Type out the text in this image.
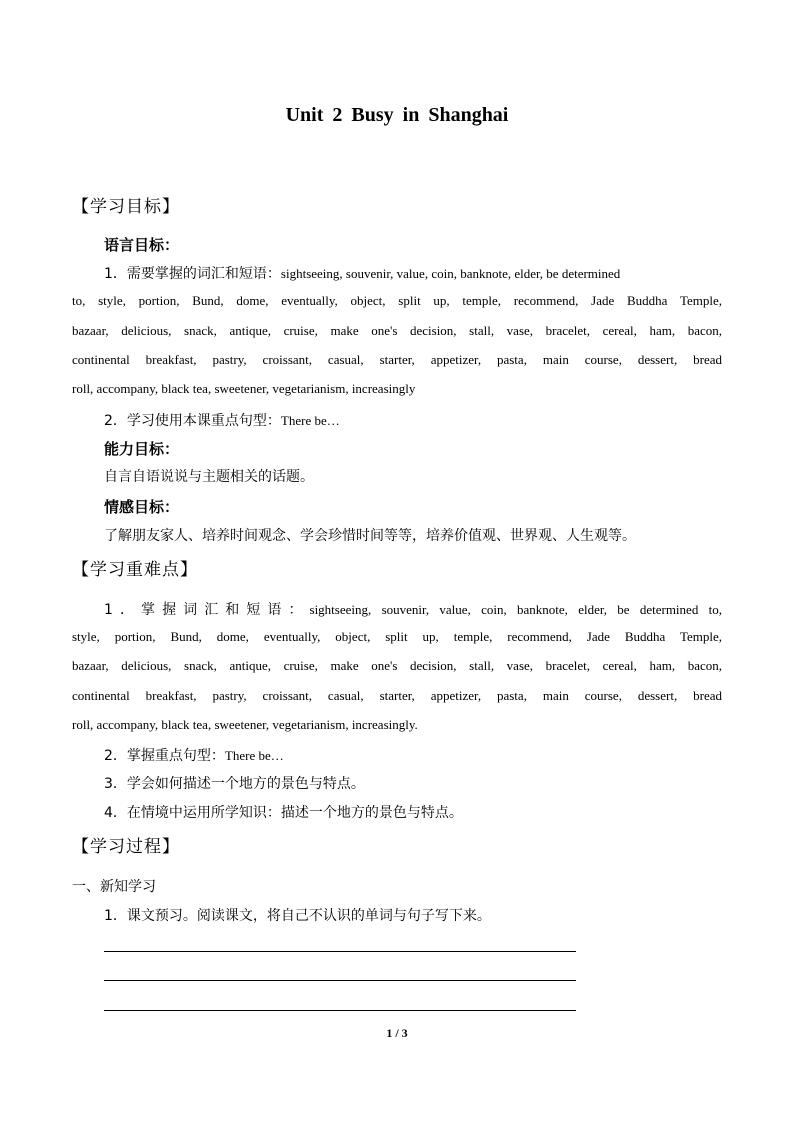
Unit 2 Busy in Shanghai
【学习目标】
语言目标：
1．需要掌握的词汇和短语：sightseeing, souvenir, value, coin, banknote, elder, be determined
to, style, portion, Bund, dome, eventually, object, split up, temple, recommend, Jade Buddha Temple,
bazaar, delicious, snack, antique, cruise, make one's decision, stall, vase, bracelet, cereal, ham, bacon,
continental breakfast, pastry, croissant, casual, starter, appetizer, pasta, main course, dessert, bread
roll, accompany, black tea, sweetener, vegetarianism, increasingly
2．学习使用本课重点句型：There be…
能力目标：
自言自语说说与主题相关的话题。
情感目标：
了解朋友家人、培养时间观念、学会珍惜时间等等，培养价值观、世界观、人生观等。
【学习重难点】
1．掌握词汇和短语：sightseeing, souvenir, value, coin, banknote, elder, be determined to,
style, portion, Bund, dome, eventually, object, split up, temple, recommend, Jade Buddha Temple,
bazaar, delicious, snack, antique, cruise, make one's decision, stall, vase, bracelet, cereal, ham, bacon,
continental breakfast, pastry, croissant, casual, starter, appetizer, pasta, main course, dessert, bread
roll, accompany, black tea, sweetener, vegetarianism, increasingly.
2．掌握重点句型：There be…
3．学会如何描述一个地方的景色与特点。
4．在情境中运用所学知识：描述一个地方的景色与特点。
【学习过程】
一、新知学习
1．课文预习。阅读课文，将自己不认识的单词与句子写下来。
1 / 3
